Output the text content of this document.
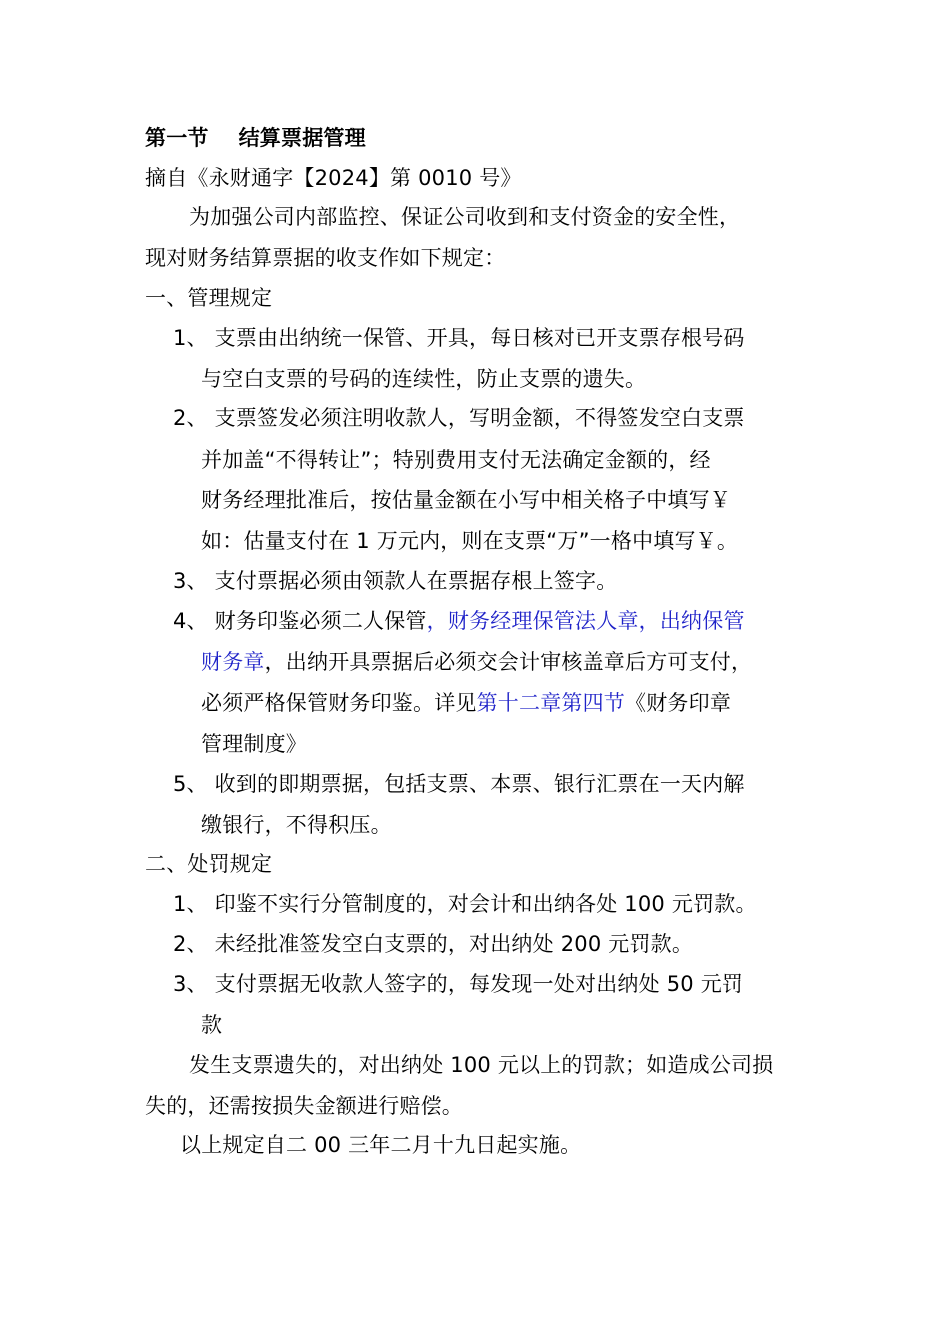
第一节 结算票据管理
摘自《永财通字【2024】第 0010 号》
为加强公司内部监控、保证公司收到和支付资金的安全性，
现对财务结算票据的收支作如下规定：
一、管理规定
1、 支票由出纳统一保管、开具，每日核对已开支票存根号码
与空白支票的号码的连续性，防止支票的遗失。
2、 支票签发必须注明收款人，写明金额，不得签发空白支票
并加盖“不得转让”；特别费用支付无法确定金额的，经
财务经理批准后，按估量金额在小写中相关格子中填写￥
如：估量支付在 1 万元内，则在支票“万”一格中填写￥。
3、 支付票据必须由领款人在票据存根上签字。
4、 财务印鉴必须二人保管，财务经理保管法人章，出纳保管
财务章，出纳开具票据后必须交会计审核盖章后方可支付，
必须严格保管财务印鉴。详见第十二章第四节《财务印章
管理制度》
5、 收到的即期票据，包括支票、本票、银行汇票在一天内解
缴银行，不得积压。
二、处罚规定
1、 印鉴不实行分管制度的，对会计和出纳各处 100 元罚款。
2、 未经批准签发空白支票的，对出纳处 200 元罚款。
3、 支付票据无收款人签字的，每发现一处对出纳处 50 元罚
款
发生支票遗失的，对出纳处 100 元以上的罚款；如造成公司损
失的，还需按损失金额进行赔偿。
以上规定自二 00 三年二月十九日起实施。
